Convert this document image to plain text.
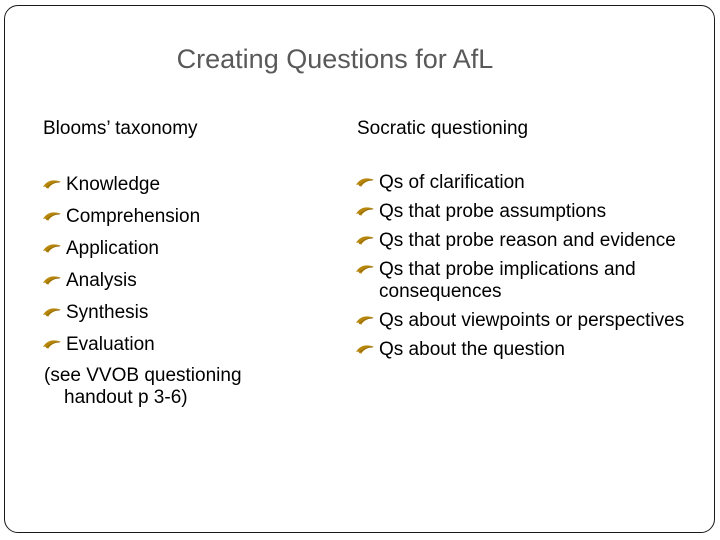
Creating Questions for AfL
Blooms’ taxonomy	Socratic questioning
Knowledge
Comprehension
Application
Analysis
Synthesis
Evaluation
(see VVOB questioning
handout p 3-6)
Qs of clarification
Qs that probe assumptions
Qs that probe reason and evidence
Qs that probe implications and consequences
Qs about viewpoints or perspectives
Qs about the question
